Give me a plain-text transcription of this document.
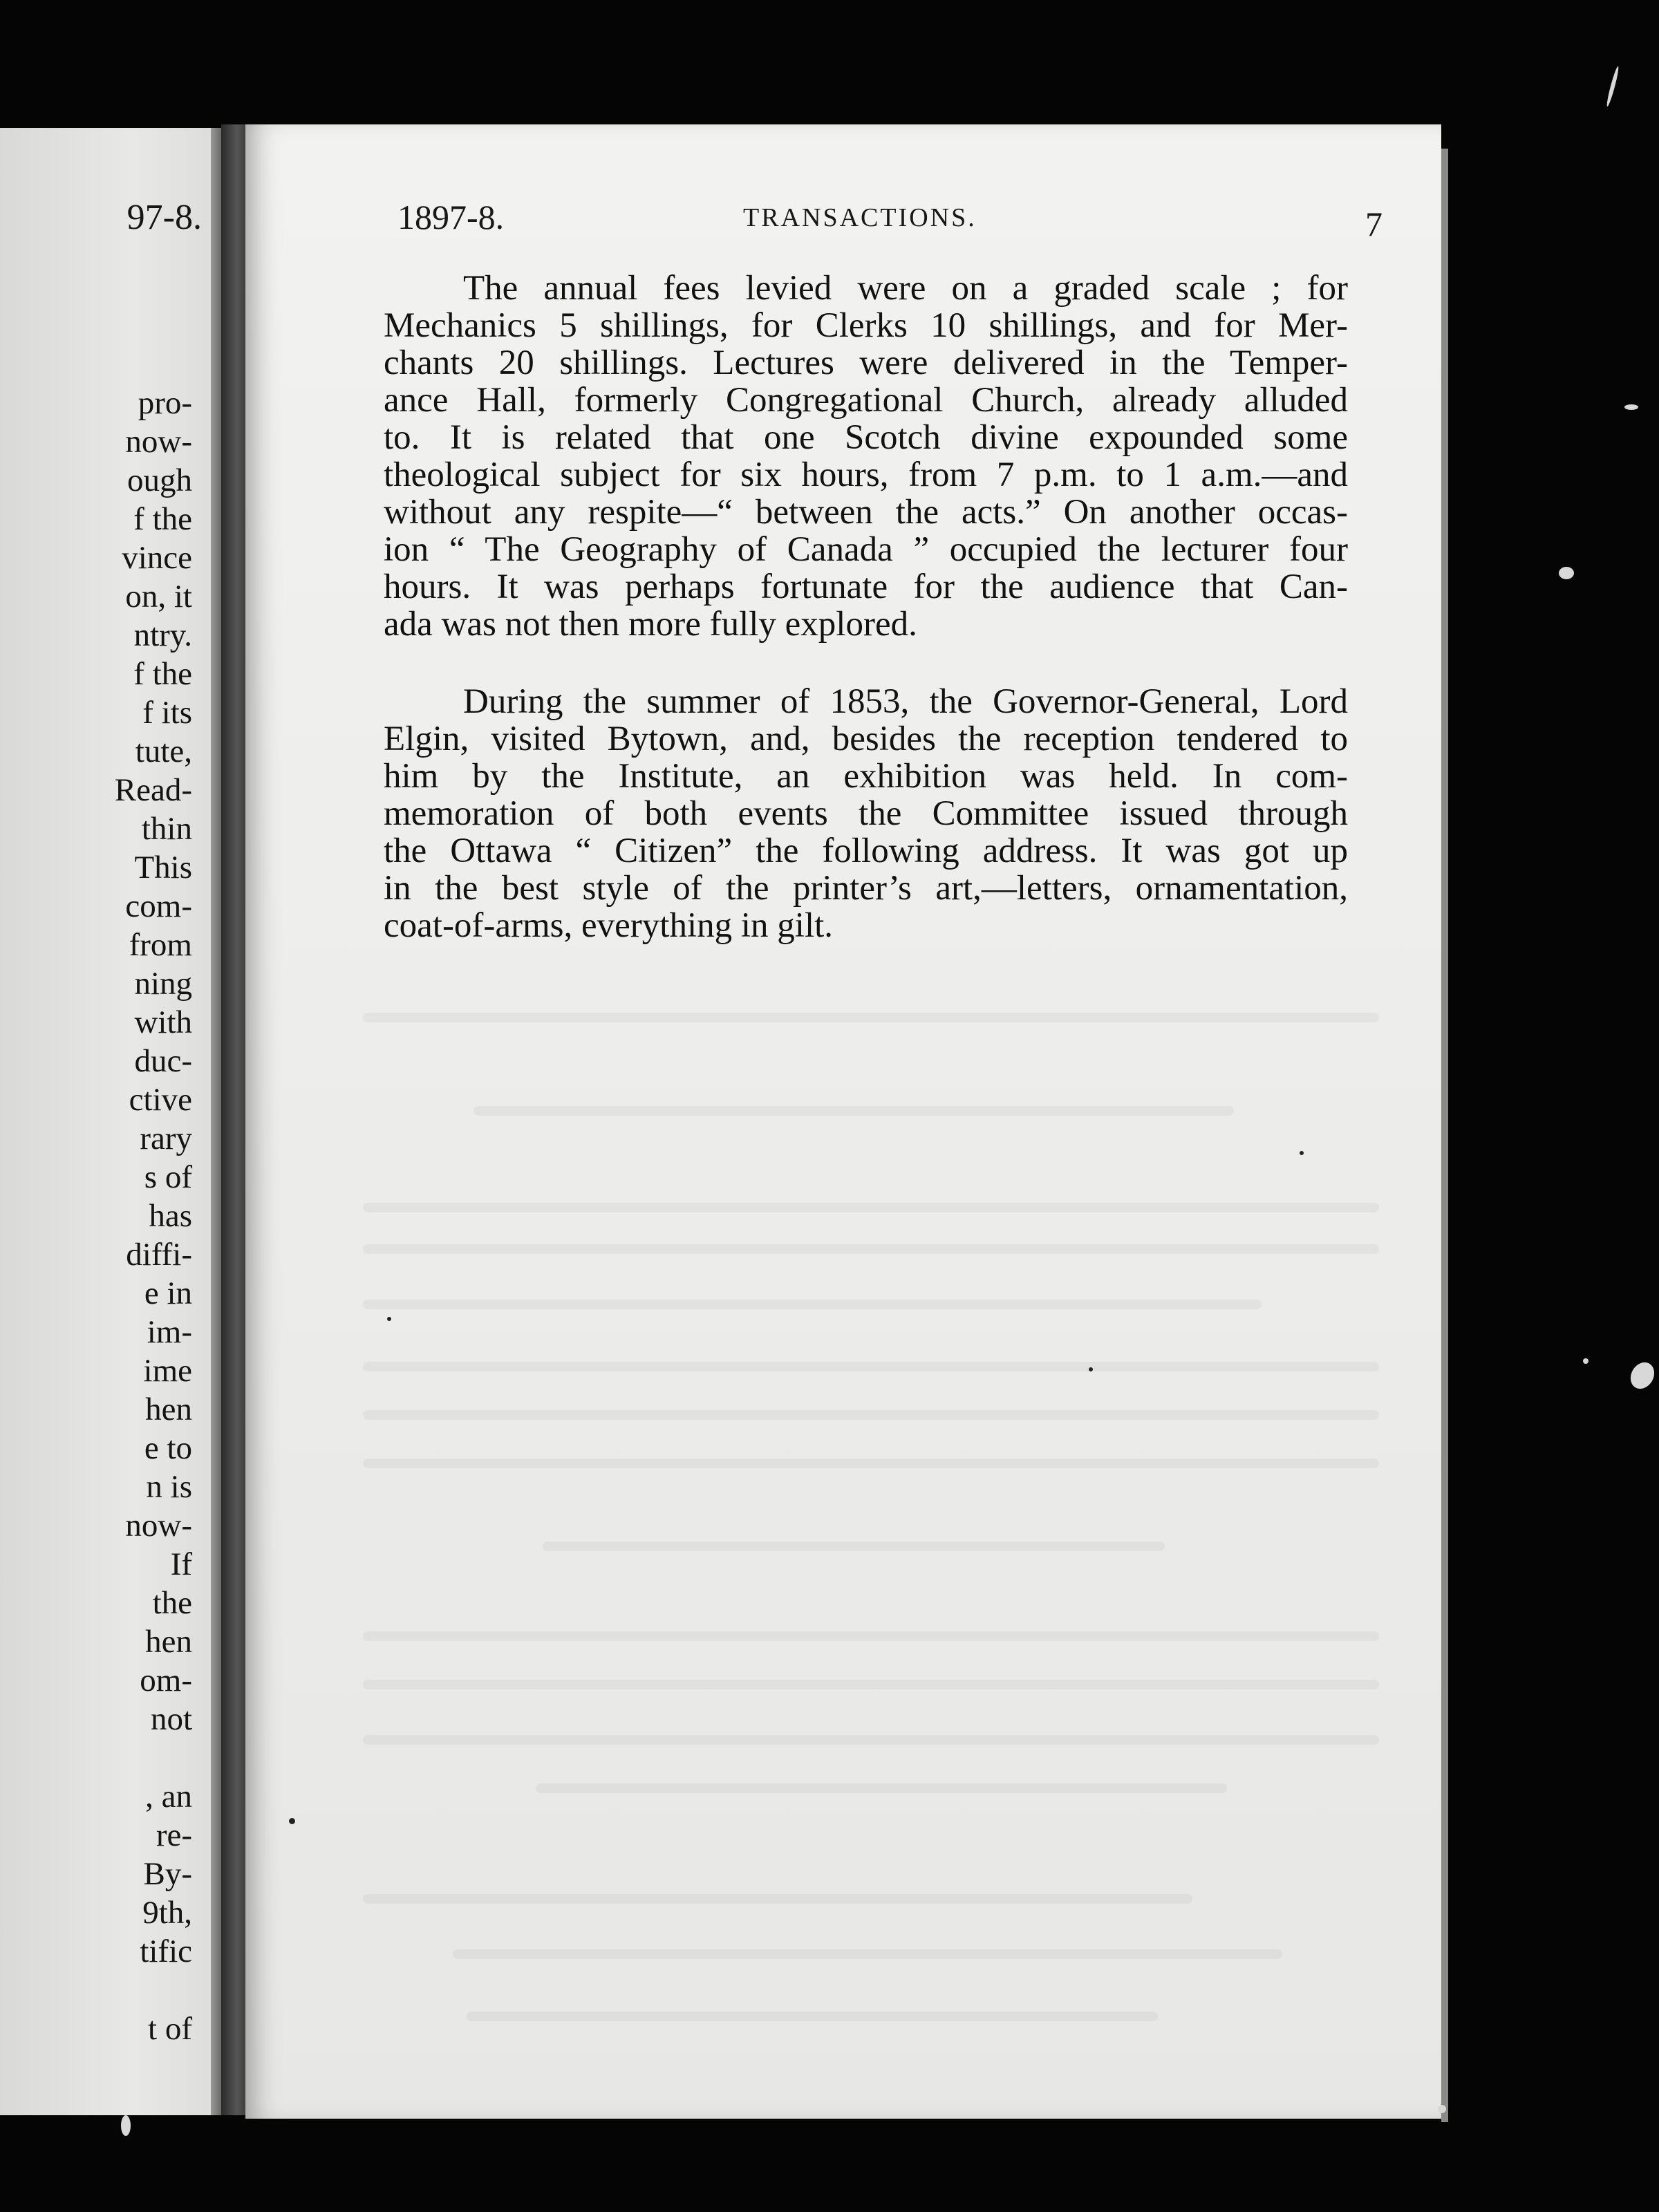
97-8.
pro-
now-
ough
f the
vince
on, it
ntry.
f the
f its
tute,
Read-
thin
This
com-
from
ning
with
duc-
ctive
rary
s of
has
diffi-
e in
im-
ime
hen
e to
n is
now-
If
the
hen
om-
not
, an
re-
By-
9th,
tific
t of
1897-8.	TRANSACTIONS.	7
The annual fees levied were on a graded scale ; for
Mechanics 5 shillings, for Clerks 10 shillings, and for Mer-
chants 20 shillings. Lectures were delivered in the Temper-
ance Hall, formerly Congregational Church, already alluded
to. It is related that one Scotch divine expounded some
theological subject for six hours, from 7 p.m. to 1 a.m.—and
without any respite—“ between the acts.” On another occas-
ion “ The Geography of Canada ” occupied the lecturer four
hours. It was perhaps fortunate for the audience that Can-
ada was not then more fully explored.
During the summer of 1853, the Governor-General, Lord
Elgin, visited Bytown, and, besides the reception tendered to
him by the Institute, an exhibition was held. In com-
memoration of both events the Committee issued through
the Ottawa “ Citizen” the following address. It was got up
in the best style of the printer’s art,—letters, ornamentation,
coat-of-arms, everything in gilt.
